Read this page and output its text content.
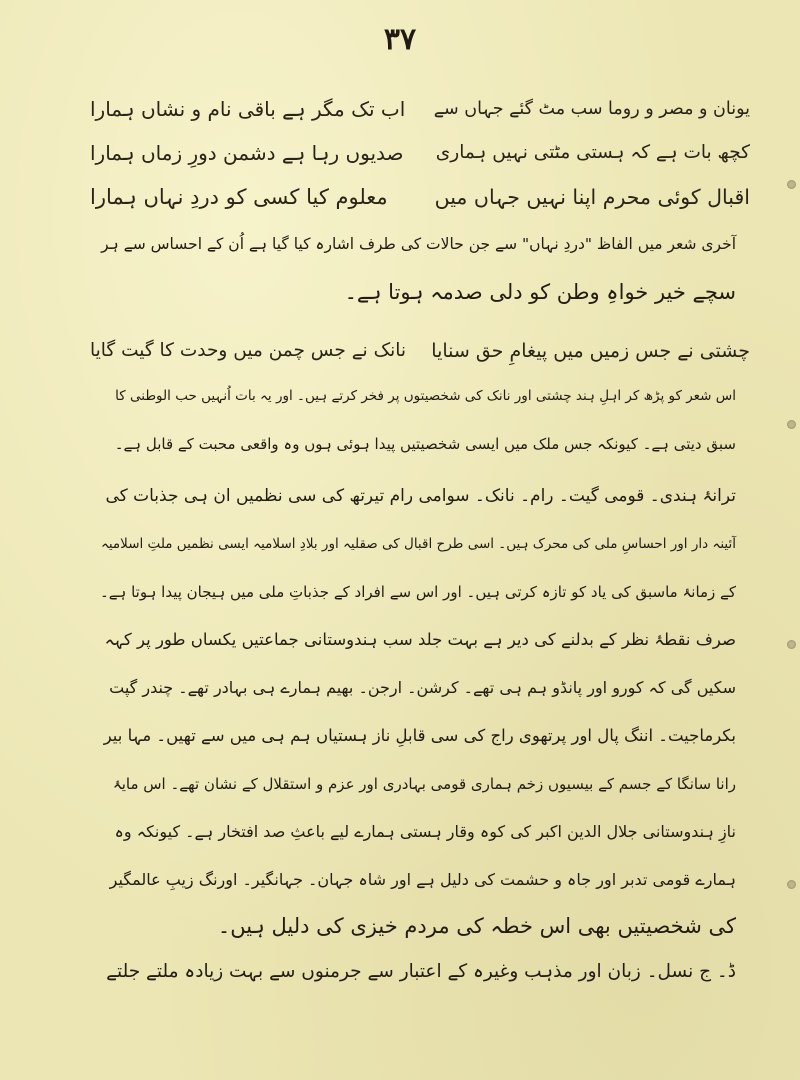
۳۷
یونان و مصر و روما سب مٹ گئے جہاں سے
اب تک مگر ہے باقی نام و نشاں ہمارا
کچھ بات ہے کہ ہستی مٹتی نہیں ہماری
صدیوں رہا ہے دشمن دورِ زماں ہمارا
اقبال کوئی محرم اپنا نہیں جہاں میں
معلوم کیا کسی کو دردِ نہاں ہمارا
آخری شعر میں الفاظ "دردِ نہاں" سے جن حالات کی طرف اشارہ کیا گیا ہے اُن کے احساس سے ہر
سچے خیر خواہِ وطن کو دلی صدمہ ہوتا ہے۔
چشتی نے جس زمیں میں پیغامِ حق سنایا
نانک نے جس چمن میں وحدت کا گیت گایا
اس شعر کو پڑھ کر اہلِ ہند چشتی اور نانک کی شخصیتوں پر فخر کرتے ہیں۔ اور یہ بات اُنہیں حب الوطنی کا
سبق دیتی ہے۔ کیونکہ جس ملک میں ایسی شخصیتیں پیدا ہوئی ہوں وہ واقعی محبت کے قابل ہے۔
ترانۂ ہندی۔ قومی گیت۔ رام۔ نانک۔ سوامی رام تیرتھ کی سی نظمیں ان ہی جذبات کی
آئینہ دار اور احساسِ ملی کی محرک ہیں۔ اسی طرح اقبال کی صقلیہ اور بلادِ اسلامیہ ایسی نظمیں ملتِ اسلامیہ
کے زمانۂ ماسبق کی یاد کو تازہ کرتی ہیں۔ اور اس سے افراد کے جذباتِ ملی میں ہیجان پیدا ہوتا ہے۔
صرف نقطۂ نظر کے بدلنے کی دیر ہے بہت جلد سب ہندوستانی جماعتیں یکساں طور پر کہہ
سکیں گی کہ کورو اور پانڈو ہم ہی تھے۔ کرشن۔ ارجن۔ بھیم ہمارے ہی بہادر تھے۔ چندر گپت
بکرماجیت۔ اننگ پال اور پرتھوی راج کی سی قابلِ ناز ہستیاں ہم ہی میں سے تھیں۔ مہا بیر
رانا سانگا کے جسم کے بیسیوں زخم ہماری قومی بہادری اور عزم و استقلال کے نشان تھے۔ اس مایۂ
نازِ ہندوستانی جلال الدین اکبر کی کوہ وقار ہستی ہمارے لیے باعثِ صد افتخار ہے۔ کیونکہ وہ
ہمارے قومی تدبر اور جاہ و حشمت کی دلیل ہے اور شاہ جہان۔ جہانگیر۔ اورنگ زیبِ عالمگیر
کی شخصیتیں بھی اس خطہ کی مردم خیزی کی دلیل ہیں۔
ڈ۔ ج نسل۔ زبان اور مذہب وغیرہ کے اعتبار سے جرمنوں سے بہت زیادہ ملتے جلتے
